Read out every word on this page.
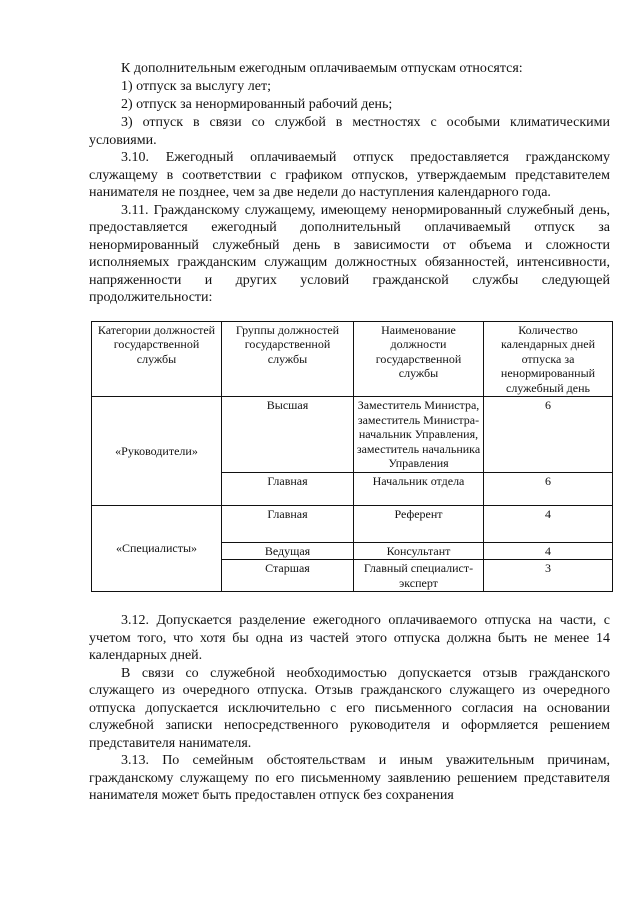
К дополнительным ежегодным оплачиваемым отпускам относятся:

1) отпуск за выслугу лет;

2) отпуск за ненормированный рабочий день;

3) отпуск в связи со службой в местностях с особыми климатическими условиями.

3.10. Ежегодный оплачиваемый отпуск предоставляется гражданскому служащему в соответствии с графиком отпусков, утверждаемым представителем нанимателя не позднее, чем за две недели до наступления календарного года.

3.11. Гражданскому служащему, имеющему ненормированный служебный день, предоставляется ежегодный дополнительный оплачиваемый отпуск за ненормированный служебный день в зависимости от объема и сложности исполняемых гражданским служащим должностных обязанностей, интенсивности, напряженности и других условий гражданской службы следующей продолжительности:

Категории должностей государственной службы	Группы должностей государственной службы	Наименование должности государственной службы	Количество календарных дней отпуска за ненормированный служебный день
«Руководители»	Высшая	Заместитель Министра, заместитель Министра-начальник Управления, заместитель начальника Управления	6
	Главная	Начальник отдела	6
«Специалисты»	Главная	Референт	4
	Ведущая	Консультант	4
	Старшая	Главный специалист-эксперт	3

3.12. Допускается разделение ежегодного оплачиваемого отпуска на части, с учетом того, что хотя бы одна из частей этого отпуска должна быть не менее 14 календарных дней.

В связи со служебной необходимостью допускается отзыв гражданского служащего из очередного отпуска. Отзыв гражданского служащего из очередного отпуска допускается исключительно с его письменного согласия на основании служебной записки непосредственного руководителя и оформляется решением представителя нанимателя.

3.13. По семейным обстоятельствам и иным уважительным причинам, гражданскому служащему по его письменному заявлению решением представителя нанимателя может быть предоставлен отпуск без сохранения
